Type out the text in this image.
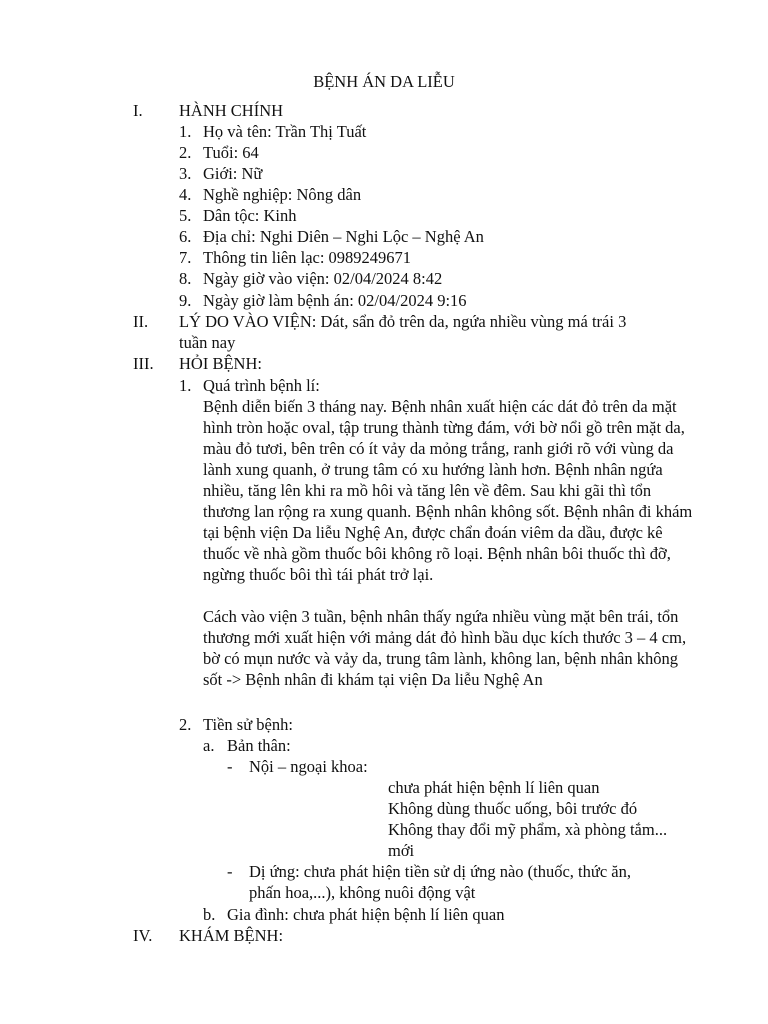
BỆNH ÁN DA LIỄU
I. HÀNH CHÍNH
1. Họ và tên: Trần Thị Tuất
2. Tuổi: 64
3. Giới: Nữ
4. Nghề nghiệp: Nông dân
5. Dân tộc: Kinh
6. Địa chỉ: Nghi Diên – Nghi Lộc – Nghệ An
7. Thông tin liên lạc: 0989249671
8. Ngày giờ vào viện: 02/04/2024 8:42
9. Ngày giờ làm bệnh án: 02/04/2024 9:16
II. LÝ DO VÀO VIỆN: Dát, sẩn đỏ trên da, ngứa nhiều vùng má trái 3
tuần nay
III. HỎI BỆNH:
1. Quá trình bệnh lí:
Bệnh diễn biến 3 tháng nay. Bệnh nhân xuất hiện các dát đỏ trên da mặt hình tròn hoặc oval, tập trung thành từng đám, với bờ nổi gồ trên mặt da, màu đỏ tươi, bên trên có ít vảy da mỏng trắng, ranh giới rõ với vùng da lành xung quanh, ở trung tâm có xu hướng lành hơn. Bệnh nhân ngứa nhiều, tăng lên khi ra mồ hôi và tăng lên về đêm. Sau khi gãi thì tổn thương lan rộng ra xung quanh. Bệnh nhân không sốt. Bệnh nhân đi khám tại bệnh viện Da liễu Nghệ An, được chẩn đoán viêm da dầu, được kê thuốc về nhà gồm thuốc bôi không rõ loại. Bệnh nhân bôi thuốc thì đỡ, ngừng thuốc bôi thì tái phát trở lại.
Cách vào viện 3 tuần, bệnh nhân thấy ngứa nhiều vùng mặt bên trái, tổn thương mới xuất hiện với mảng dát đỏ hình bầu dục kích thước 3 – 4 cm, bờ có mụn nước và vảy da, trung tâm lành, không lan, bệnh nhân không sốt -> Bệnh nhân đi khám tại viện Da liễu Nghệ An
2. Tiền sử bệnh:
a. Bản thân:
- Nội – ngoại khoa:
chưa phát hiện bệnh lí liên quan
Không dùng thuốc uống, bôi trước đó
Không thay đổi mỹ phẩm, xà phòng tắm...
mới
- Dị ứng: chưa phát hiện tiền sử dị ứng nào (thuốc, thức ăn,
phấn hoa,...), không nuôi động vật
b. Gia đình: chưa phát hiện bệnh lí liên quan
IV. KHÁM BỆNH:
